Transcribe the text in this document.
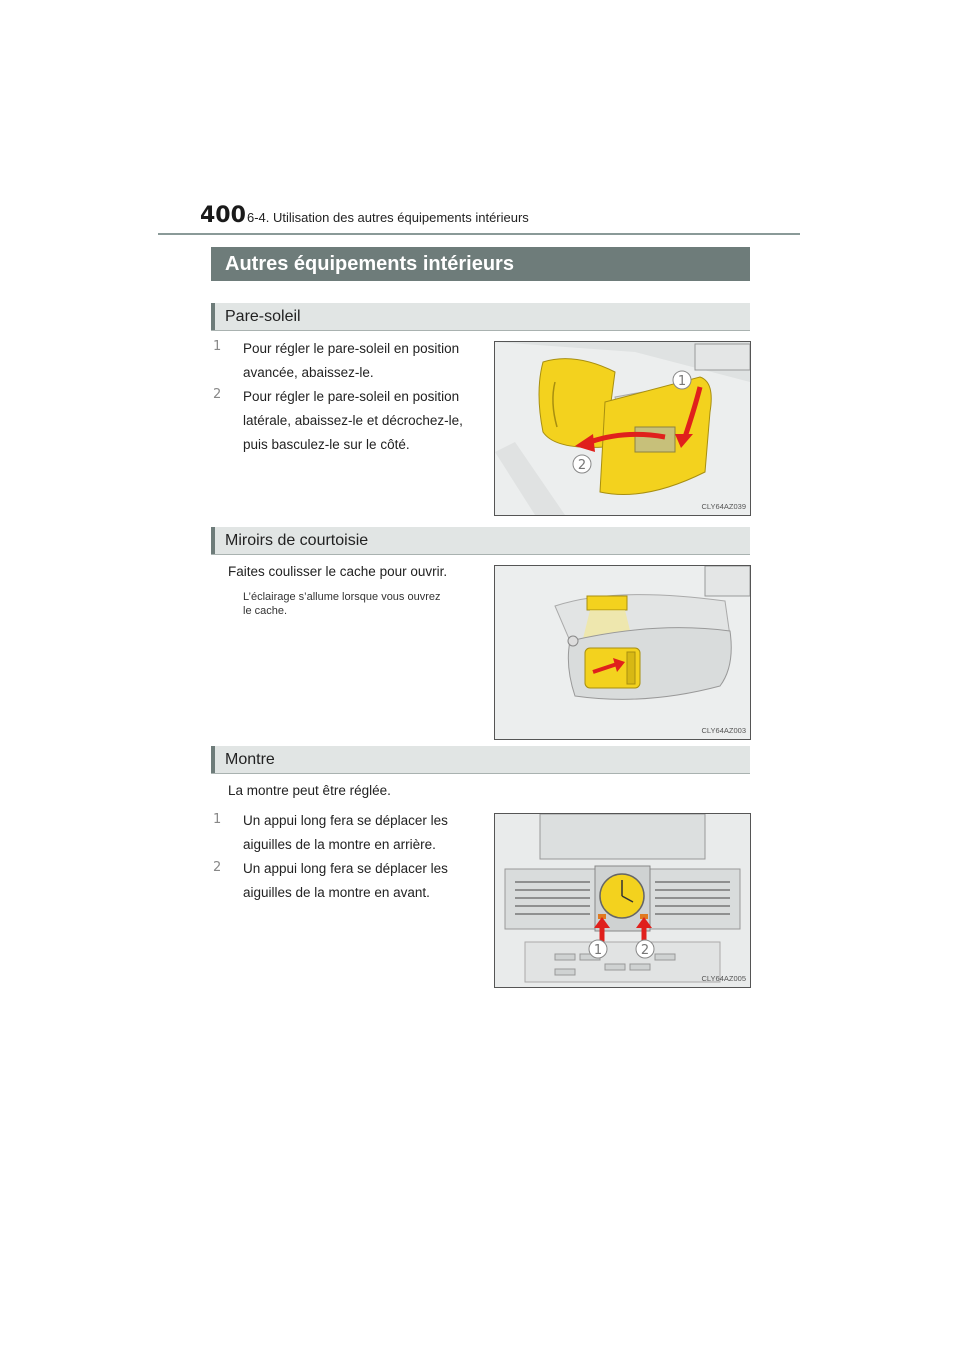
400 6-4. Utilisation des autres équipements intérieurs
Autres équipements intérieurs
Pare-soleil
1 Pour régler le pare-soleil en position
avancée, abaissez-le.
2 Pour régler le pare-soleil en position
latérale, abaissez-le et décrochez-le,
puis basculez-le sur le côté.
1
2
CLY64AZ039
Miroirs de courtoisie
Faites coulisser le cache pour ouvrir.
L’éclairage s’allume lorsque vous ouvrez
le cache.
CLY64AZ003
Montre
La montre peut être réglée.
1 Un appui long fera se déplacer les
aiguilles de la montre en arrière.
2 Un appui long fera se déplacer les
aiguilles de la montre en avant.
1	2
CLY64AZ005
